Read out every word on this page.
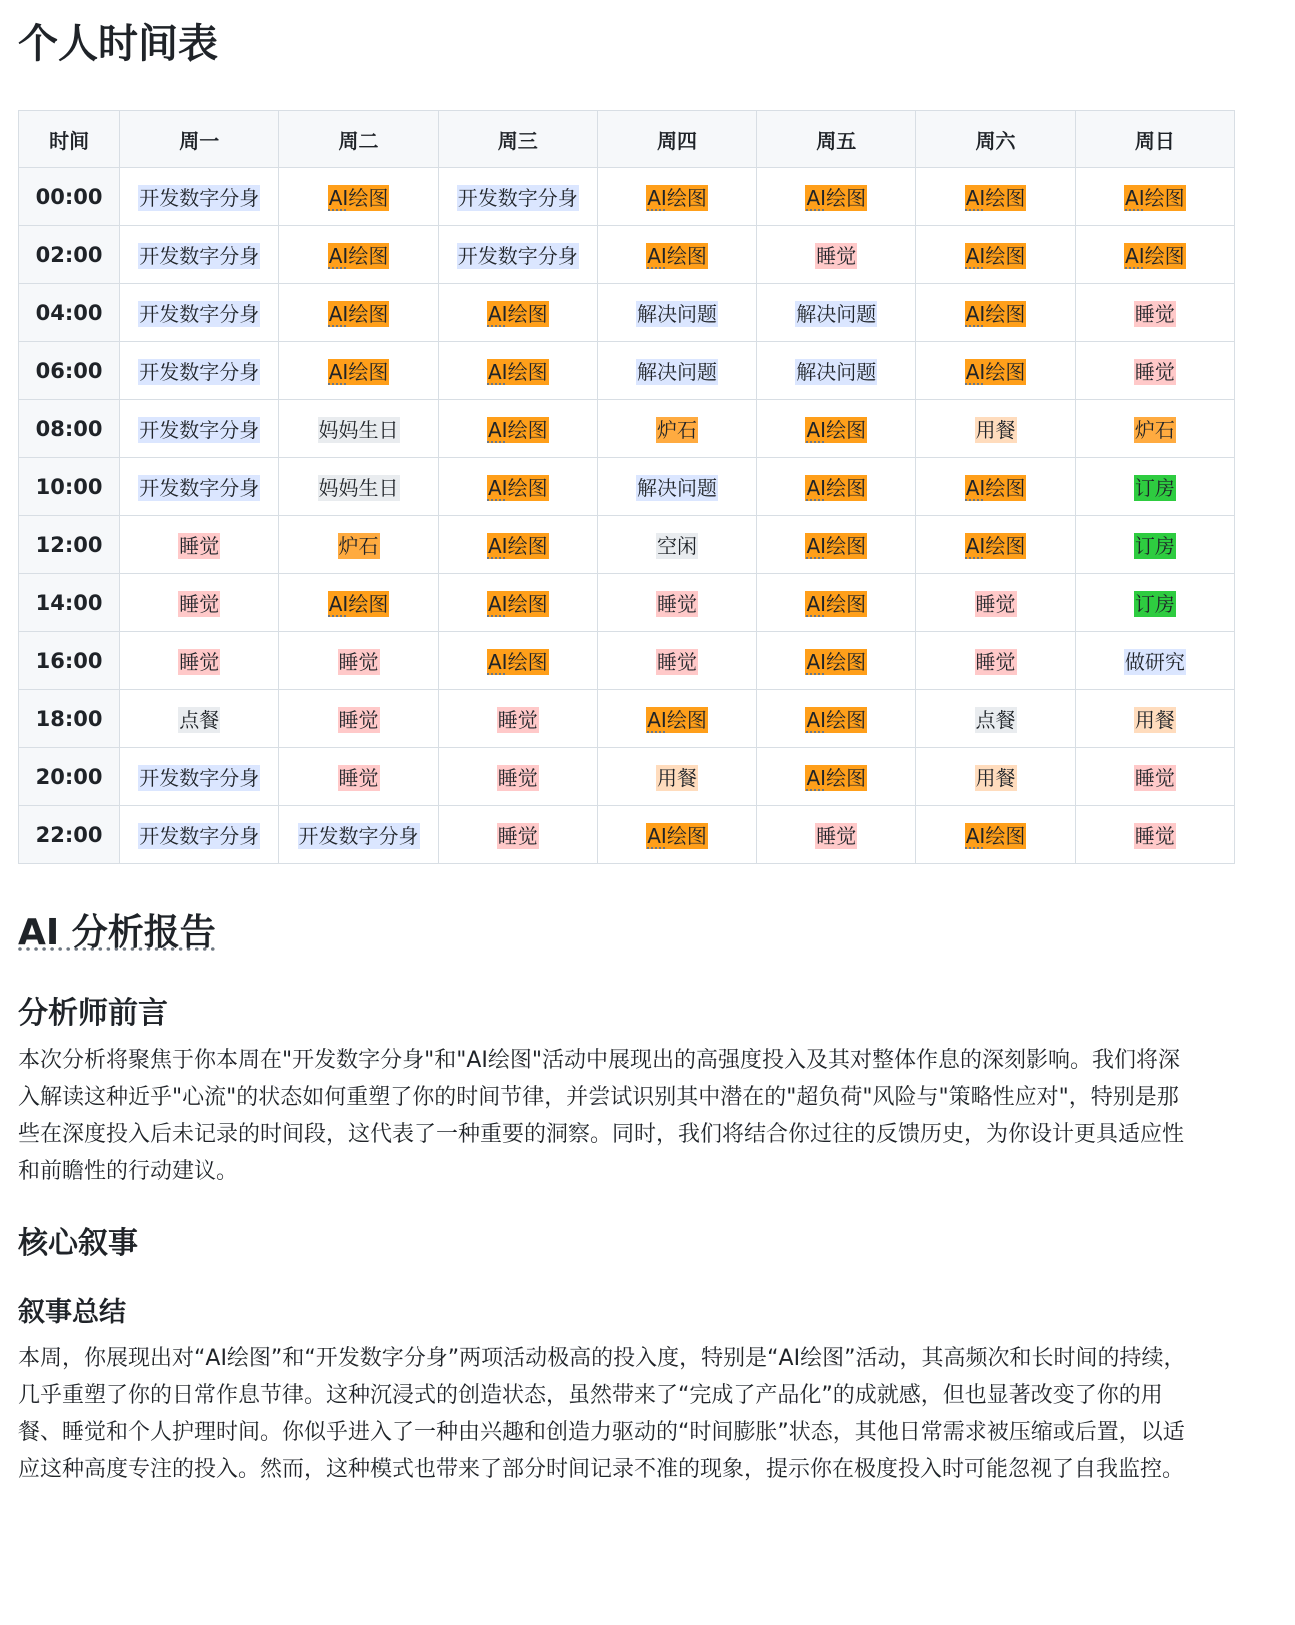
个人时间表
时间	周一	周二	周三	周四	周五	周六	周日
00:00	开发数字分身	AI绘图	开发数字分身	AI绘图	AI绘图	AI绘图	AI绘图
02:00	开发数字分身	AI绘图	开发数字分身	AI绘图	睡觉	AI绘图	AI绘图
04:00	开发数字分身	AI绘图	AI绘图	解决问题	解决问题	AI绘图	睡觉
06:00	开发数字分身	AI绘图	AI绘图	解决问题	解决问题	AI绘图	睡觉
08:00	开发数字分身	妈妈生日	AI绘图	炉石	AI绘图	用餐	炉石
10:00	开发数字分身	妈妈生日	AI绘图	解决问题	AI绘图	AI绘图	订房
12:00	睡觉	炉石	AI绘图	空闲	AI绘图	AI绘图	订房
14:00	睡觉	AI绘图	AI绘图	睡觉	AI绘图	睡觉	订房
16:00	睡觉	睡觉	AI绘图	睡觉	AI绘图	睡觉	做研究
18:00	点餐	睡觉	睡觉	AI绘图	AI绘图	点餐	用餐
20:00	开发数字分身	睡觉	睡觉	用餐	AI绘图	用餐	睡觉
22:00	开发数字分身	开发数字分身	睡觉	AI绘图	睡觉	AI绘图	睡觉
AI 分析报告
分析师前言

本次分析将聚焦于你本周在"开发数字分身"和"AI绘图"活动中展现出的高强度投入及其对整体作息的深刻影响。我们将深入解读这种近乎"心流"的状态如何重塑了你的时间节律，并尝试识别其中潜在的"超负荷"风险与"策略性应对"，特别是那些在深度投入后未记录的时间段，这代表了一种重要的洞察。同时，我们将结合你过往的反馈历史，为你设计更具适应性和前瞻性的行动建议。

核心叙事
叙事总结

本周，你展现出对“AI绘图”和“开发数字分身”两项活动极高的投入度，特别是“AI绘图”活动，其高频次和长时间的持续，几乎重塑了你的日常作息节律。这种沉浸式的创造状态，虽然带来了“完成了产品化”的成就感，但也显著改变了你的用餐、睡觉和个人护理时间。你似乎进入了一种由兴趣和创造力驱动的“时间膨胀”状态，其他日常需求被压缩或后置，以适应这种高度专注的投入。然而，这种模式也带来了部分时间记录不准的现象，提示你在极度投入时可能忽视了自我监控。
